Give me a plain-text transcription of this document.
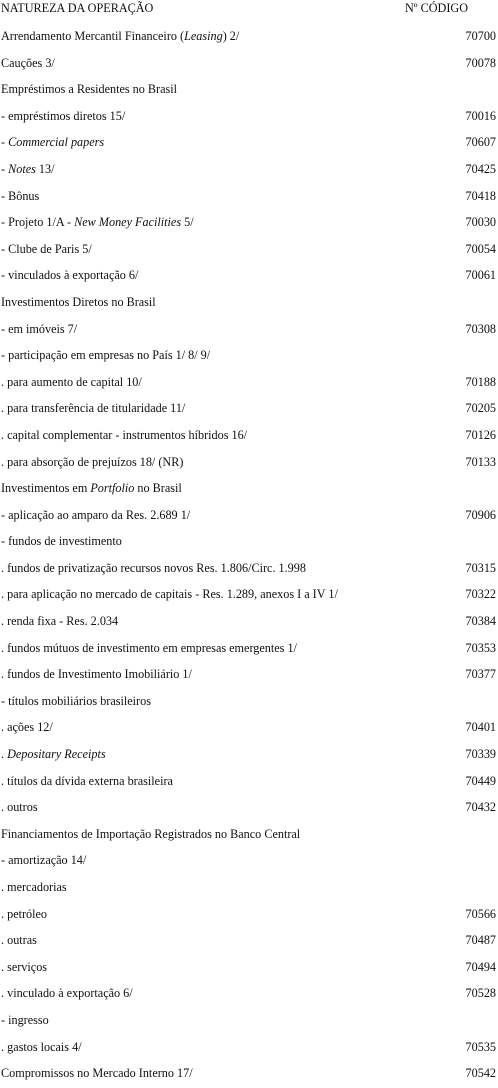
NATUREZA DA OPERAÇÃO	Nº CÓDIGO
Arrendamento Mercantil Financeiro (Leasing) 2/	70700
Cauções 3/	70078
Empréstimos a Residentes no Brasil
- empréstimos diretos 15/	70016
- Commercial papers	70607
- Notes 13/	70425
- Bônus	70418
- Projeto 1/A - New Money Facilities 5/	70030
- Clube de Paris 5/	70054
- vinculados à exportação 6/	70061
Investimentos Diretos no Brasil
- em imóveis 7/	70308
- participação em empresas no País 1/ 8/ 9/
. para aumento de capital 10/	70188
. para transferência de titularidade 11/	70205
. capital complementar - instrumentos híbridos 16/	70126
. para absorção de prejuízos 18/ (NR)	70133
Investimentos em Portfolio no Brasil
- aplicação ao amparo da Res. 2.689 1/	70906
- fundos de investimento
. fundos de privatização recursos novos Res. 1.806/Circ. 1.998	70315
. para aplicação no mercado de capitais - Res. 1.289, anexos I a IV 1/	70322
. renda fixa - Res. 2.034	70384
. fundos mútuos de investimento em empresas emergentes 1/	70353
. fundos de Investimento Imobiliário 1/	70377
- títulos mobiliários brasileiros
. ações 12/	70401
. Depositary Receipts	70339
. títulos da dívida externa brasileira	70449
. outros	70432
Financiamentos de Importação Registrados no Banco Central
- amortização 14/
. mercadorias
. petróleo	70566
. outras	70487
. serviços	70494
. vinculado à exportação 6/	70528
- ingresso
. gastos locais 4/	70535
Compromissos no Mercado Interno 17/	70542
